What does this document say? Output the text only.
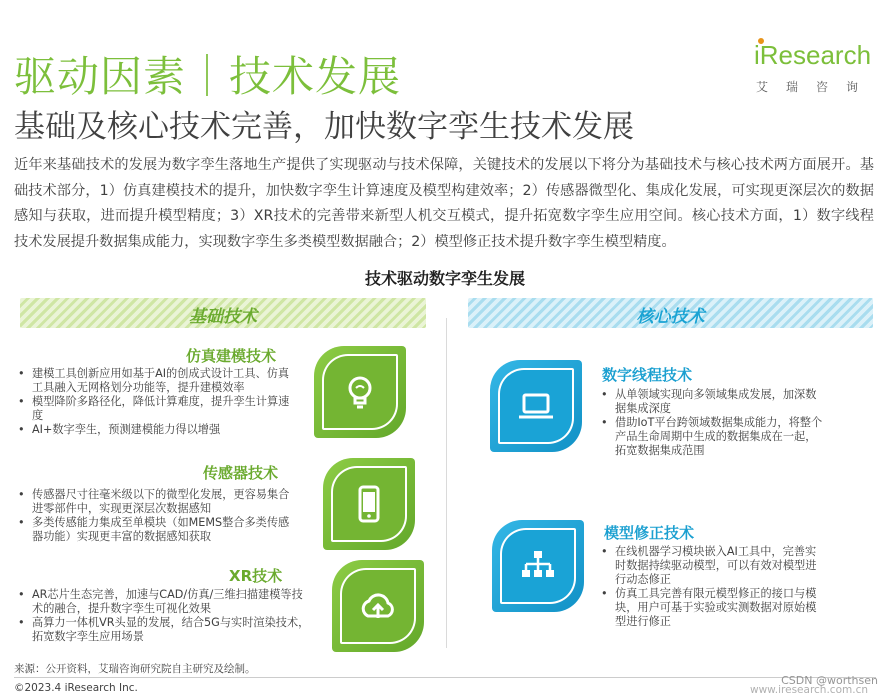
驱动因素｜技术发展
基础及核心技术完善，加快数字孪生技术发展
iResearch
艾瑞咨询

近年来基础技术的发展为数字孪生落地生产提供了实现驱动与技术保障，关键技术的发展以下将分为基础技术与核心技术两方面展开。基础技术部分，1）仿真建模技术的提升，加快数字孪生计算速度及模型构建效率；2）传感器微型化、集成化发展，可实现更深层次的数据感知与获取，进而提升模型精度；3）XR技术的完善带来新型人机交互模式，提升拓宽数字孪生应用空间。核心技术方面，1）数字线程技术发展提升数据集成能力，实现数字孪生多类模型数据融合；2）模型修正技术提升数字孪生模型精度。

技术驱动数字孪生发展
基础技术	核心技术
仿真建模技术
• 建模工具创新应用如基于AI的创成式设计工具、仿真工具融入无网格划分功能等，提升建模效率
• 模型降阶多路径化，降低计算难度，提升孪生计算速度
• AI+数字孪生，预测建模能力得以增强
传感器技术
• 传感器尺寸往毫米级以下的微型化发展，更容易集合进零部件中，实现更深层次数据感知
• 多类传感能力集成至单模块（如MEMS整合多类传感器功能）实现更丰富的数据感知获取
XR技术
• AR芯片生态完善，加速与CAD/仿真/三维扫描建模等技术的融合，提升数字孪生可视化效果
• 高算力一体机VR头显的发展，结合5G与实时渲染技术，拓宽数字孪生应用场景
数字线程技术
• 从单领域实现向多领域集成发展，加深数据集成深度
• 借助IoT平台跨领域数据集成能力，将整个产品生命周期中生成的数据集成在一起，拓宽数据集成范围
模型修正技术
• 在线机器学习模块嵌入AI工具中，完善实时数据持续驱动模型，可以有效对模型进行动态修正
• 仿真工具完善有限元模型修正的接口与模块，用户可基于实验或实测数据对原始模型进行修正
来源：公开资料，艾瑞咨询研究院自主研究及绘制。
©2023.4 iResearch Inc.
CSDN @worthsen
www.iresearch.com.cn
